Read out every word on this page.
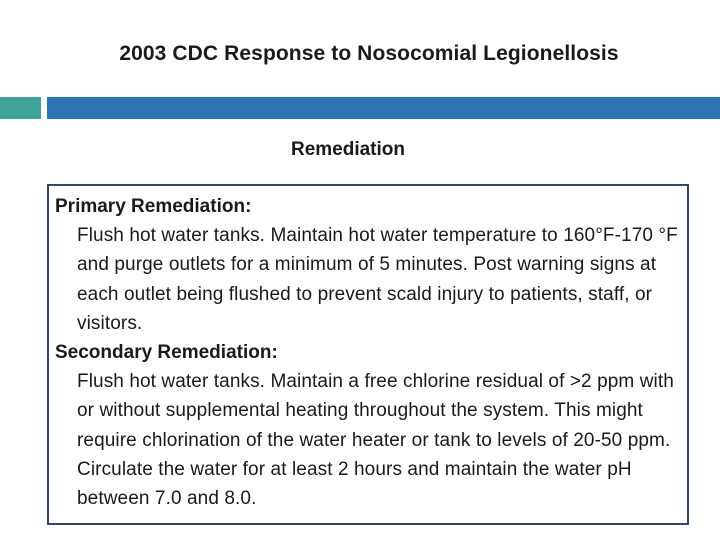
2003 CDC Response to Nosocomial Legionellosis
Remediation

Primary Remediation:

Flush hot water tanks. Maintain hot water temperature to 160°F-170 °F and purge outlets for a minimum of 5 minutes. Post warning signs at each outlet being flushed to prevent scald injury to patients, staff, or visitors.

Secondary Remediation:

Flush hot water tanks. Maintain a free chlorine residual of >2 ppm with or without supplemental heating throughout the system. This might require chlorination of the water heater or tank to levels of 20-50 ppm. Circulate the water for at least 2 hours and maintain the water pH between 7.0 and 8.0.
